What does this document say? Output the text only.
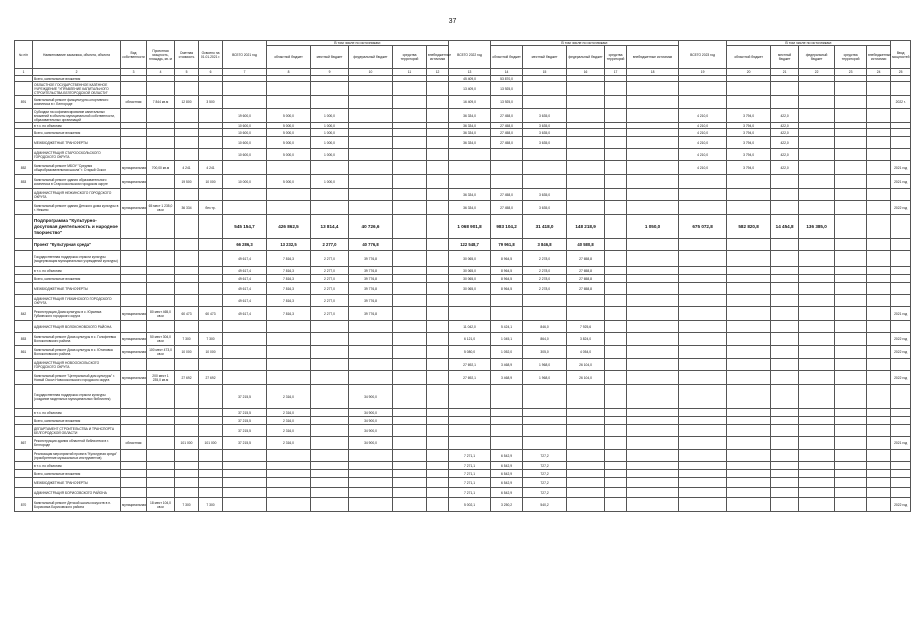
37
№ п/п	Наименование заказчика, объекта, объекта	Вид собственности	Проектная мощность, площадь, кв. м	Сметная стоимость	Освоено на 01.01.2021 г.	ВСЕГО 2021 год	В том числе по источникам:					ВСЕГО 2022 год	В том числе по источникам:					ВСЕГО 2023 год	В том числе по источникам:					Ввод мощностей
							областной бюджет	местный бюджет	федеральный бюджет	средства территорий	внебюджетные источники		областной бюджет	местный бюджет	федеральный бюджет	средства территорий	внебюджетные источники		областной бюджет	местный бюджет	федеральный бюджет	средства территорий	внебюджетные источники	
1	2	3	4	5	6	7	8	9	10	11	12	13	14	15	16	17	18	19	20	21	22	23	24	25
	Всего, капитальные вложения											45 409,0	53 870,0											
	ОБЛАСТНОЕ ГОСУДАРСТВЕННОЕ КАЗЁННОЕ УЧРЕЖДЕНИЕ "УПРАВЛЕНИЕ КАПИТАЛЬНОГО СТРОИТЕЛЬСТВА БЕЛГОРОДСКОЙ ОБЛАСТИ"											13 409,0	13 925,0											
891	Капитальный ремонт физкультурно-спортивного комплекса в г. Белгороде	областная	7 844 кв.м	12 800	3 500							16 409,0	13 925,0											2022 г.
	Субсидии на софинансирование капитальных вложений в объекты муниципальной собственности, образовательных организаций					19 600,0	5 000,0	1 000,0				36 334,0	27 458,0	3 635,0				4 210,0	3 794,0	422,0				
	в т.ч. по объектам:					10 600,0	5 000,0	1 000,0				36 334,0	27 458,0	3 635,0				4 210,0	3 794,0	422,0				
	Всего, капитальные вложения					10 600,0	5 000,0	1 000,0				36 334,0	27 458,0	3 635,0				4 210,0	3 794,0	422,0				
	МЕЖБЮДЖЕТНЫЕ ТРАНСФЕРТЫ					10 600,0	5 000,0	1 000,0				36 334,0	27 458,0	3 635,0				4 210,0	3 794,0	422,0				
	АДМИНИСТРАЦИЯ СТАРООСКОЛЬСКОГО ГОРОДСКОГО ОКРУГА					10 600,0	5 000,0	1 000,0										4 210,0	3 794,0	422,0				
852	Капитальный ремонт МБОУ "Средняя общеобразовательная школа" г. Старый Оскол	муниципальная	700,00 кв.м	4 241	4 241													4 210,0	3 794,0	422,0				2021 год
853	Капитальный ремонт здания образовательного комплекса в Старооскольском городском округе	муниципальная		19 500	10 000	10 000,0	5 000,0	1 000,0																2021 год
	АДМИНИСТРАЦИЯ НЕЖИНСКОГО ГОРОДСКОГО ОКРУГА											36 334,0	27 458,0	3 635,0										
	Капитальный ремонт здания Детского дома культуры в г. Нежино	муниципальная	65 мест 1 235,0 кв.м	36 334	без тр.							36 334,0	27 458,0	3 635,0										2022 год
	Подпрограмма "Культурно-досуговая деятельность и народное творчество"					545 154,7	426 862,5	13 814,4	40 726,6			1 068 901,8	983 104,2	31 418,0	148 218,9		1 050,0	675 072,8	582 820,8	14 454,8	136 385,0			
	Проект "Культурная среда"					66 286,3	13 232,5	2 277,0	40 776,8			122 548,7	79 961,8	3 846,8	40 580,8									
	Государственная поддержка отрасли культуры (модернизация муниципальных учреждений культуры)					49 617,4	7 816,3	2 277,0	39 776,8			30 065,0	8 964,5	2 278,0	27 658,8									
	в т.ч. по объектам:					49 617,4	7 816,3	2 277,0	39 776,8			30 065,0	8 964,5	2 278,0	27 658,8									
	Всего, капитальные вложения					49 617,4	7 816,3	2 277,0	39 776,8			30 065,0	8 964,5	2 278,0	27 658,8									
	МЕЖБЮДЖЕТНЫЕ ТРАНСФЕРТЫ					49 617,4	7 816,3	2 277,0	39 776,8			30 065,0	8 964,5	2 278,0	27 658,8									
	АДМИНИСТРАЦИЯ ГУБКИНСКОГО ГОРОДСКОГО ОКРУГА					49 617,4	7 816,3	2 277,0	39 776,8															
842	Реконструкция Дома культуры в с. Юрьевка Губкинского городского округа	муниципальная	80 мест 465,0 кв.м	60 473	60 473	49 617,4	7 816,3	2 277,0	39 776,8															2021 год
	АДМИНИСТРАЦИЯ ВОЛОКОНОВСКОГО РАЙОНА											11 042,0	5 424,1	846,0	7 925,6									
853	Капитальный ремонт Дома культуры в с. Голофеевка Волоконовского района	муниципальная	50 мест 304,0 кв.м	7 300	7 300							6 121,0	1 045,1	864,0	3 824,0									2022 год
861	Капитальный ремонт Дома культуры в с. Ютановка Волоконовского района	муниципальная	100 мест 473,0 кв.м	10 000	10 000							5 080,0	1 052,0	305,0	4 054,0									2022 год
	АДМИНИСТРАЦИЯ НОВООСКОЛЬСКОГО ГОРОДСКОГО ОКРУГА											27 692,1	3 468,9	1 968,0	26 104,0									
	Капитальный ремонт "Центральный дом культуры" г. Новый Оскол Новооскольского городского округа	муниципальная	200 мест 1 235,0 кв.м	27 692	27 692							27 692,1	3 468,9	1 968,0	26 104,0									2022 год
	Государственная поддержка отрасли культуры (создание модельных муниципальных библиотек)					37 215,5	2 316,0		34 900,0															
	в т.ч. по объектам:					37 215,5	2 316,0		34 900,0															
	Всего, капитальные вложения					37 215,5	2 316,0		34 900,0															
	ДЕПАРТАМЕНТ СТРОИТЕЛЬСТВА И ТРАНСПОРТА БЕЛГОРОДСКОЙ ОБЛАСТИ					37 215,5	2 316,0		34 900,0															
867	Реконструкция здания областной библиотеки в г. Белгороде	областная		101 000	101 000	37 215,5	2 316,0		34 900,0															2021 год
	Реализация мероприятий проекта "Культурная среда" (приобретение музыкальных инструментов)											7 271,1	6 542,9	727,2										
	в т.ч. по объектам:											7 271,1	6 542,9	727,2										
	Всего, капитальные вложения											7 271,1	6 542,9	727,2										
	МЕЖБЮДЖЕТНЫЕ ТРАНСФЕРТЫ											7 271,1	6 542,9	727,2										
	АДМИНИСТРАЦИЯ БОРИСОВСКОГО РАЙОНА											7 271,1	6 542,9	727,2										
870	Капитальный ремонт Детской школы искусств в п. Борисовка Борисовского района	муниципальная	18 мест 104,0 кв.м	7 300	7 300							5 002,1	3 250,2	540,2										2022 год
